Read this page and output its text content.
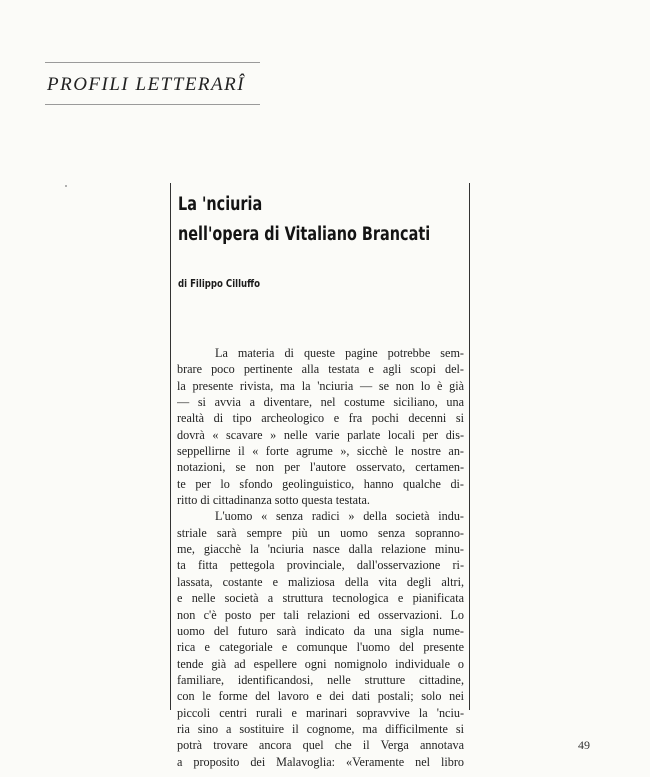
PROFILI LETTERARÎ
La 'nciuria
nell'opera di Vitaliano Brancati
di Filippo Cilluffo
La materia di queste pagine potrebbe sem-
brare poco pertinente alla testata e agli scopi del-
la presente rivista, ma la 'nciuria — se non lo è già
— si avvia a diventare, nel costume siciliano, una
realtà di tipo archeologico e fra pochi decenni si
dovrà « scavare » nelle varie parlate locali per dis-
seppellirne il « forte agrume », sicchè le nostre an-
notazioni, se non per l'autore osservato, certamen-
te per lo sfondo geolinguistico, hanno qualche di-
ritto di cittadinanza sotto questa testata.
L'uomo « senza radici » della società indu-
striale sarà sempre più un uomo senza sopranno-
me, giacchè la 'nciuria nasce dalla relazione minu-
ta fitta pettegola provinciale, dall'osservazione ri-
lassata, costante e maliziosa della vita degli altri,
e nelle società a struttura tecnologica e pianificata
non c'è posto per tali relazioni ed osservazioni. Lo
uomo del futuro sarà indicato da una sigla nume-
rica e categoriale e comunque l'uomo del presente
tende già ad espellere ogni nomignolo individuale o
familiare, identificandosi, nelle strutture cittadine,
con le forme del lavoro e dei dati postali; solo nei
piccoli centri rurali e marinari sopravvive la 'nciu-
ria sino a sostituire il cognome, ma difficilmente si
potrà trovare ancora quel che il Verga annotava
a proposito dei Malavoglia: «Veramente nel libro
49
